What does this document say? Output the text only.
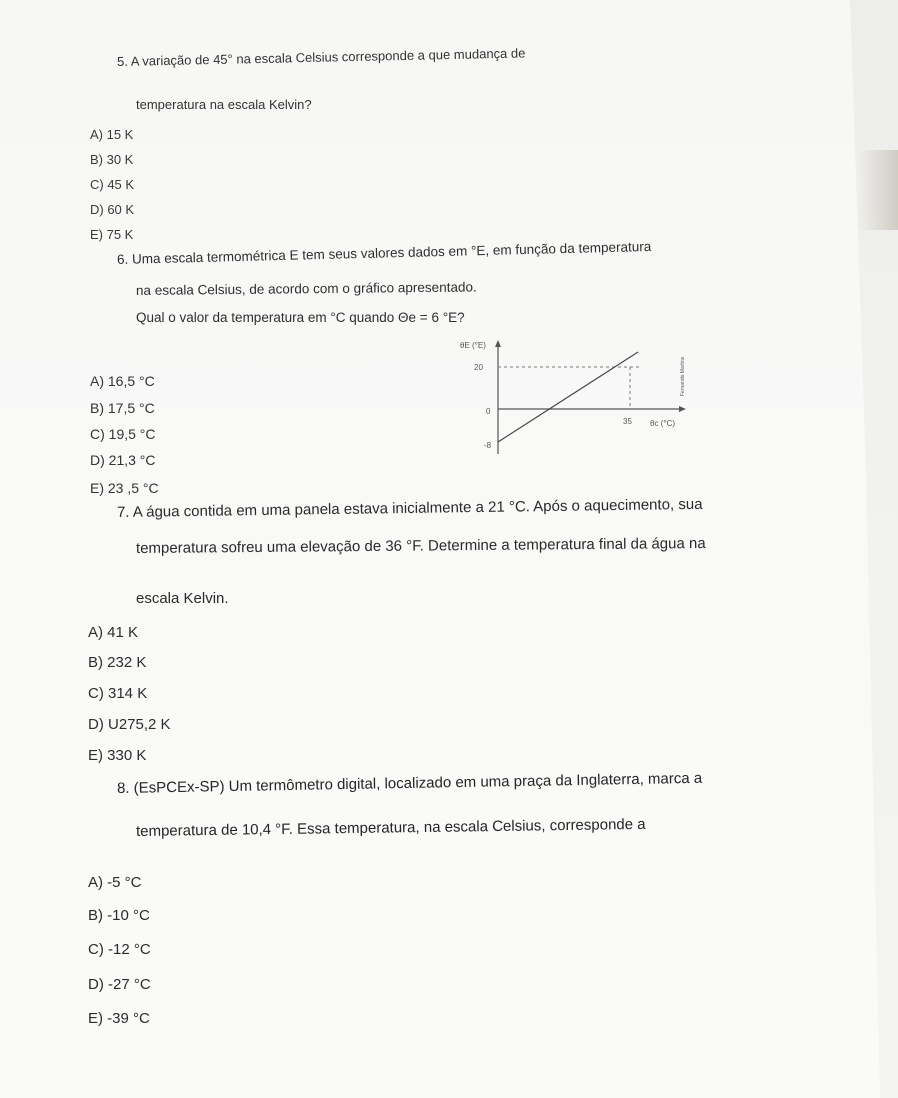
5. A variação de 45° na escala Celsius corresponde a que mudança de
temperatura na escala Kelvin?
A) 15 K
B) 30 K
C) 45 K
D) 60 K
E) 75 K
6. Uma escala termométrica E tem seus valores dados em °E, em função da temperatura
na escala Celsius, de acordo com o gráfico apresentado.
Qual o valor da temperatura em °C quando Θe = 6 °E?
A) 16,5 °C
B) 17,5 °C
C) 19,5 °C
D) 21,3 °C
E) 23 ,5 °C
θE (°E)
20
0
-8
35 θc (°C)
Fernando Martins
7. A água contida em uma panela estava inicialmente a 21 °C. Após o aquecimento, sua
temperatura sofreu uma elevação de 36 °F. Determine a temperatura final da água na
escala Kelvin.
A) 41 K
B) 232 K
C) 314 K
D) U275,2 K
E) 330 K
8. (EsPCEx-SP) Um termômetro digital, localizado em uma praça da Inglaterra, marca a
temperatura de 10,4 °F. Essa temperatura, na escala Celsius, corresponde a
A) -5 °C
B) -10 °C
C) -12 °C
D) -27 °C
E) -39 °C
